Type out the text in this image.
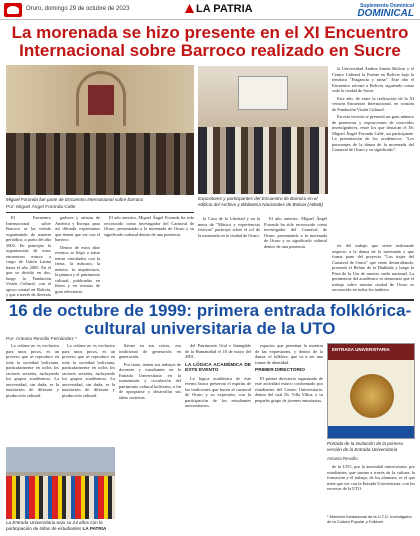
Oruro, domingo 29 de octubre de 2023	LA PATRIA	Suplemento Dominical
DOMINICAL
La morenada se hizo presente en el XI Encuentro Internacional sobre Barroco realizado en Sucre
Miguel Foronda fue parte de Encuentro Internacional sobre barroco
Por: Miguel Ángel Foronda Calle
Expositores y participantes del Encuentro de Barroco en el edificio del Archivo y Biblioteca Nacionales de Bolivia (ABNB)

El Encuentro Internacional sobre Barroco se ha venido organizando de manera periódica, a partir del año 2002. En principio la organización de estos encuentros estuvo a cargo de Unión Latina hasta el año 2005. En el que se dividió en dos, luego la Fundación Visión Cultural, con el apoyo estatal en Bolivia, y que a través de diversas

gadores y artistas de América y Europa, para así difundir expresiones que tienen que ver con el barroco.

Dentro de estos diez eventos se llegó a tratar temas vinculados con la fiesta, la máscara, la música, la arquitectura, la pintura y el patrimonio cultural, publicadas en libros y en revistas de gran relevancia.

El año anterior, Miguel Ángel Foronda ha sido reconocido como investigador del Carnaval de Oruro, presentando a la morenada de Oruro y su significado cultural dentro de una ponencia.

la Universidad Andina Simón Bolívar y el Centro Cultural la Fuente en Bolivia bajo la temática "Fragancia y ruina". Este año el Encuentro retornó a Bolivia, siguiendo como sede la ciudad de Sucre.

Este año, de entre la realización de la XI versión Encuentro Internacional, en ocasión de Fundación Visión Cultural.

En esta versión se presentó un gran número de ponencias y exposiciones de conocidos investigadores, entre los que destacan el Dr. Miguel Ángel Foronda Calle, un participante. La presentación de los académicos, "Los personajes de la danza de la morenada del Carnaval de Oruro y su significado".

la Casa de la Libertad y en la mesa de "Música y experiencias festivas" participó sobre el rol de la morenada en la ciudad de Oruro.

El año anterior, Miguel Ángel Foronda ha sido reconocido como investigador del Carnaval de Oruro, presentando a la morenada de Oruro y su significado cultural dentro de una ponencia.	ter del trabajo que viene realizando respecto a la danza de la morenada y que forma parte del proyecto "Los trajes del Carnaval de Oruro" que viene desarrollando, presentó el Relato de la Diablada y luego la Pista de la Ura de nuestro suelo nacional. La pertinencia del académico es demostrar que el trabajo sobre nuestra ciudad de Oruro es reconocido en todos los ámbitos.

16 de octubre de 1999: primera entrada folklórica-cultural universitaria de la UTO

La cultura no es exclusiva para unos pocos, es un proceso que se reproduce en toda la sociedad boliviana, particularmente en todos los sectores sociales, incluyendo los grupos académicos. La universidad, sin duda, es la institución de difusión y producción cultural.

Por: Antonio Revollo Fernández *

La cultura no es exclusiva para unos pocos, es un proceso que se reproduce en toda la sociedad boliviana, particularmente en todos los sectores sociales, incluyendo los grupos académicos. La universidad, sin duda, es la institución de difusión y producción cultural.

llevan en sus raíces, esa tradicional de generación en generación.

Por tanto, tienen sus trabajos de docentes y estudiantes en la Entrada Universitaria en la transmisión y circulación del patrimonio cultural boliviano, a fin de apropiarse y desarrollar sus ideas creativas.

del Patrimonio Oral e Intangible de la Humanidad el 18 de mayo del 2001.

LA LÓGICA ACADÉMICA DE ESTE EVENTO

La lógica académica de este evento busca preservar el espíritu de las tradiciones que hacen al carnaval de Oruro y su expresión, con la participación de los estudiantes universitarios.

espacios que permitan la muestra de las expresiones, y dentro de la danza, el folklore, que va a ser una forma de identidad.

PRIMER DIRECTORIO

El primer directorio organizado de este actividad estuvo conformado por estudiantes del Centro Universitario, dentro del cual Dr. Villa Villca, y su pequeño grupo de jóvenes entusiastas.

La Entrada Universitaria tuvo su 24 años con la participación de trillas de estudiantes LA PATRIA
ENTRADA UNIVERSITARIA
Portada de la invitación de la primera versión de la Entrada Universitaria
Antonio Revollo

de la UTO, por la autoridad universitaria, por estudiantes, que suman a través de la cultura, la formación y el trabajo, de los alumnos, es el que tiene que ver con la Entrada Universitaria, con los recursos de la UTO.

* Miembro fundacional de la U.T.O. Investigador de la Cultura Popular y Folklore.
